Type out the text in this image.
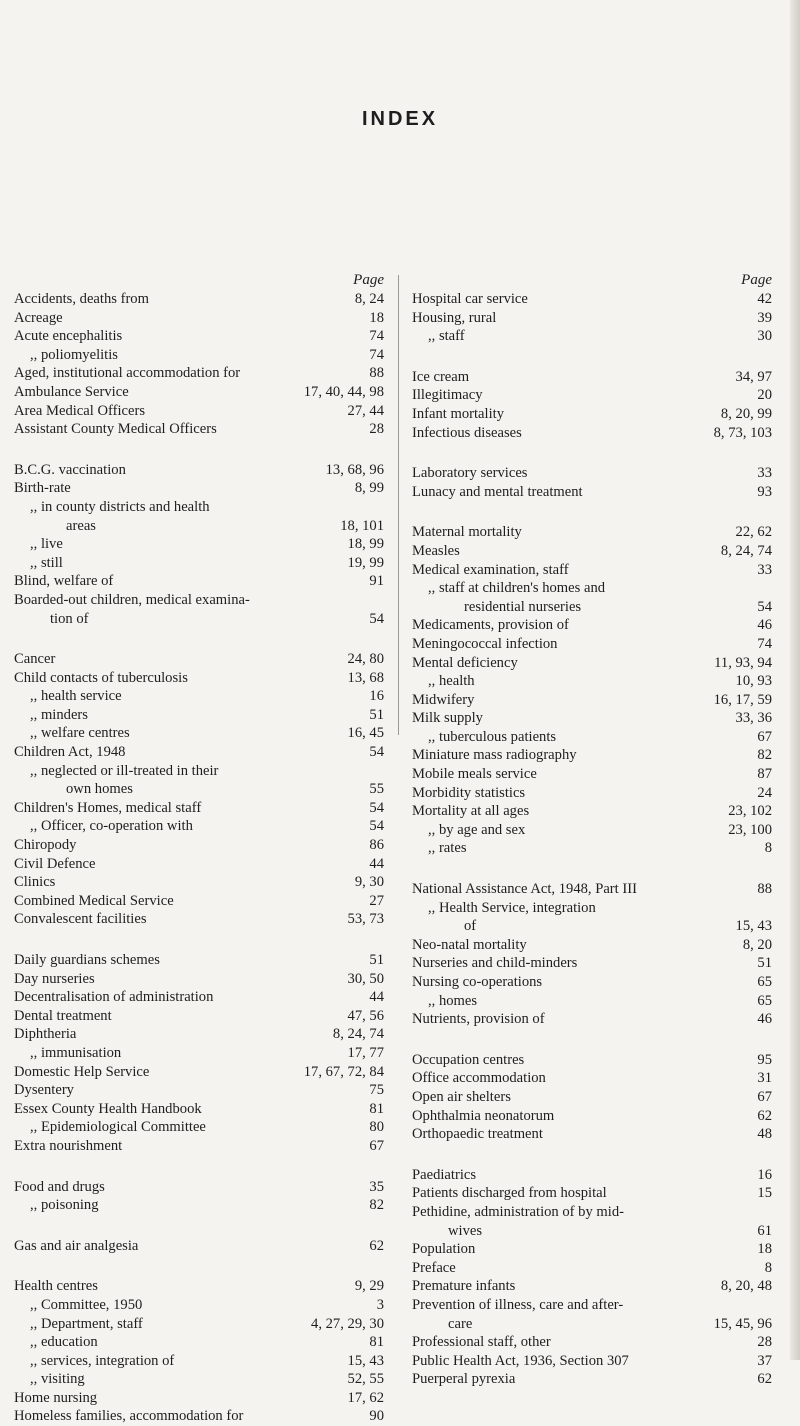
INDEX
Page
Accidents, deaths from	8, 24
Acreage	18
Acute encephalitis	74
,, poliomyelitis	74
Aged, institutional accommodation for	88
Ambulance Service	17, 40, 44, 98
Area Medical Officers	27, 44
Assistant County Medical Officers	28
B.C.G. vaccination	13, 68, 96
Birth-rate	8, 99
,, in county districts and health
areas	18, 101
,, live	18, 99
,, still	19, 99
Blind, welfare of	91
Boarded-out children, medical examina-
tion of	54
Cancer	24, 80
Child contacts of tuberculosis	13, 68
,, health service	16
,, minders	51
,, welfare centres	16, 45
Children Act, 1948	54
,, neglected or ill-treated in their
own homes	55
Children's Homes, medical staff	54
,, Officer, co-operation with	54
Chiropody	86
Civil Defence	44
Clinics	9, 30
Combined Medical Service	27
Convalescent facilities	53, 73
Daily guardians schemes	51
Day nurseries	30, 50
Decentralisation of administration	44
Dental treatment	47, 56
Diphtheria	8, 24, 74
,, immunisation	17, 77
Domestic Help Service	17, 67, 72, 84
Dysentery	75
Essex County Health Handbook	81
,, Epidemiological Committee	80
Extra nourishment	67
Food and drugs	35
,, poisoning	82
Gas and air analgesia	62
Health centres	9, 29
,, Committee, 1950	3
,, Department, staff	4, 27, 29, 30
,, education	81
,, services, integration of	15, 43
,, visiting	52, 55
Home nursing	17, 62
Homeless families, accommodation for	90
Page
Hospital car service	42
Housing, rural	39
,, staff	30
Ice cream	34, 97
Illegitimacy	20
Infant mortality	8, 20, 99
Infectious diseases	8, 73, 103
Laboratory services	33
Lunacy and mental treatment	93
Maternal mortality	22, 62
Measles	8, 24, 74
Medical examination, staff	33
,, staff at children's homes and
residential nurseries	54
Medicaments, provision of	46
Meningococcal infection	74
Mental deficiency	11, 93, 94
,, health	10, 93
Midwifery	16, 17, 59
Milk supply	33, 36
,, tuberculous patients	67
Miniature mass radiography	82
Mobile meals service	87
Morbidity statistics	24
Mortality at all ages	23, 102
,, by age and sex	23, 100
,, rates	8
National Assistance Act, 1948, Part III	88
,, Health Service, integration
of	15, 43
Neo-natal mortality	8, 20
Nurseries and child-minders	51
Nursing co-operations	65
,, homes	65
Nutrients, provision of	46
Occupation centres	95
Office accommodation	31
Open air shelters	67
Ophthalmia neonatorum	62
Orthopaedic treatment	48
Paediatrics	16
Patients discharged from hospital	15
Pethidine, administration of by mid-
wives	61
Population	18
Preface	8
Premature infants	8, 20, 48
Prevention of illness, care and after-
care	15, 45, 96
Professional staff, other	28
Public Health Act, 1936, Section 307	37
Puerperal pyrexia	62
